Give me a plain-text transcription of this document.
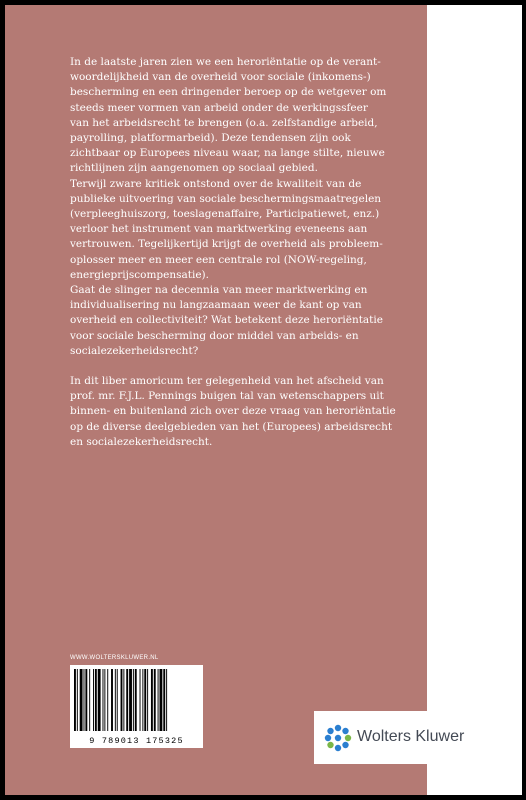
In de laatste jaren zien we een heroriëntatie op de verant-

woordelijkheid van de overheid voor sociale (inkomens-)

bescherming en een dringender beroep op de wetgever om

steeds meer vormen van arbeid onder de werkingssfeer

van het arbeidsrecht te brengen (o.a. zelfstandige arbeid,

payrolling, platformarbeid). Deze tendensen zijn ook

zichtbaar op Europees niveau waar, na lange stilte, nieuwe

richtlijnen zijn aangenomen op sociaal gebied.

Terwijl zware kritiek ontstond over de kwaliteit van de

publieke uitvoering van sociale beschermingsmaatregelen

(verpleeghuiszorg, toeslagenaffaire, Participatiewet, enz.)

verloor het instrument van marktwerking eveneens aan

vertrouwen. Tegelijkertijd krijgt de overheid als probleem-

oplosser meer en meer een centrale rol (NOW-regeling,

energieprijscompensatie).

Gaat de slinger na decennia van meer marktwerking en

individualisering nu langzaamaan weer de kant op van

overheid en collectiviteit? Wat betekent deze heroriëntatie

voor sociale bescherming door middel van arbeids- en

socialezekerheidsrecht?

In dit liber amoricum ter gelegenheid van het afscheid van

prof. mr. F.J.L. Pennings buigen tal van wetenschappers uit

binnen- en buitenland zich over deze vraag van heroriëntatie

op de diverse deelgebieden van het (Europees) arbeidsrecht

en socialezekerheidsrecht.

WWW.WOLTERSKLUWER.NL
9 789013 175325	Wolters Kluwer
